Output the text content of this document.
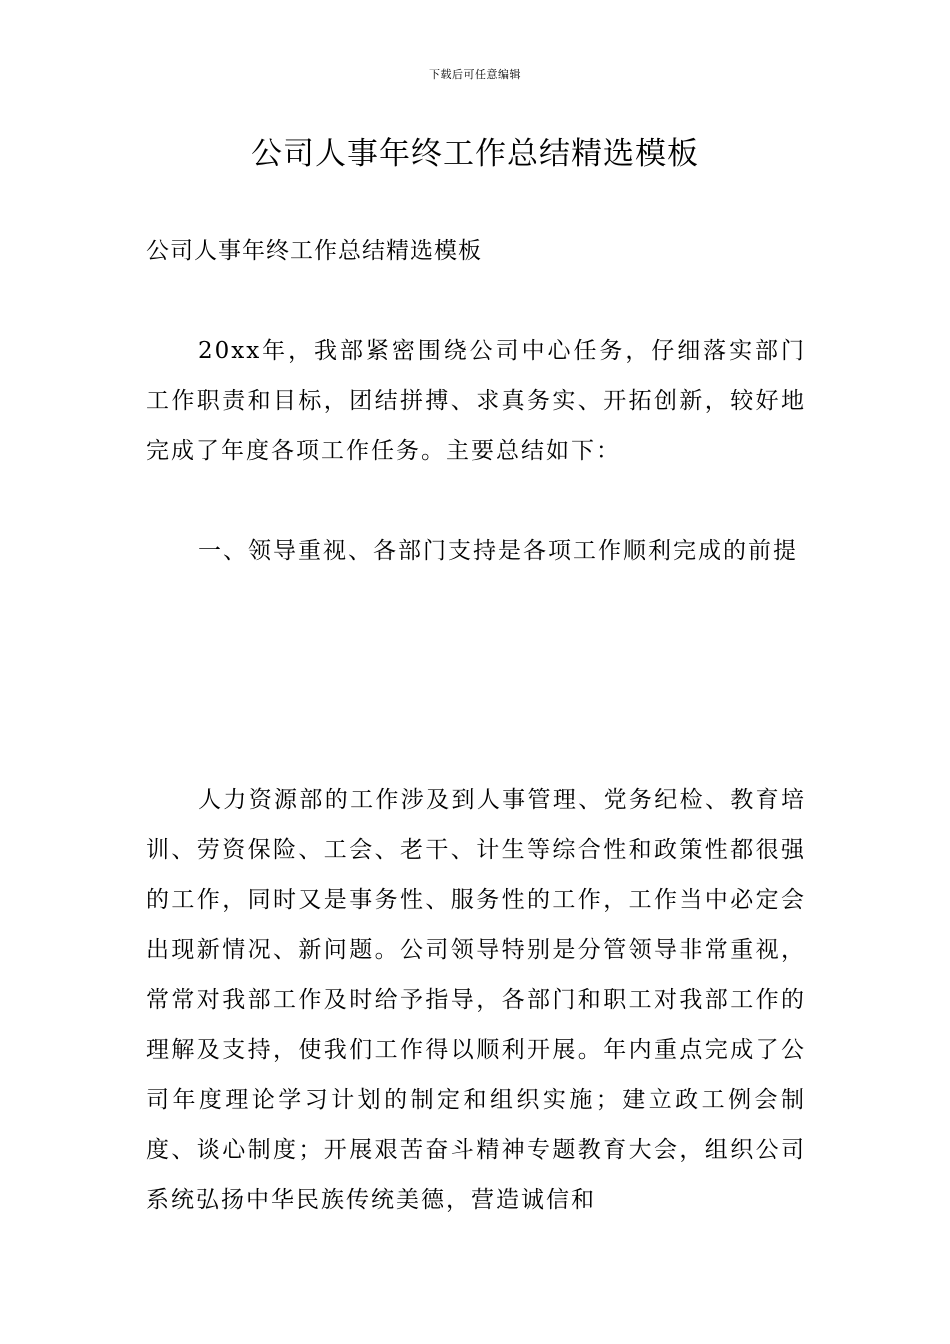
下载后可任意编辑
公司人事年终工作总结精选模板
公司人事年终工作总结精选模板

20xx年，我部紧密围绕公司中心任务，仔细落实部门工作职责和目标，团结拼搏、求真务实、开拓创新，较好地完成了年度各项工作任务。主要总结如下：

一、领导重视、各部门支持是各项工作顺利完成的前提

人力资源部的工作涉及到人事管理、党务纪检、教育培训、劳资保险、工会、老干、计生等综合性和政策性都很强的工作，同时又是事务性、服务性的工作，工作当中必定会出现新情况、新问题。公司领导特别是分管领导非常重视，常常对我部工作及时给予指导，各部门和职工对我部工作的理解及支持，使我们工作得以顺利开展。年内重点完成了公司年度理论学习计划的制定和组织实施；建立政工例会制度、谈心制度；开展艰苦奋斗精神专题教育大会，组织公司系统弘扬中华民族传统美德，营造诚信和
